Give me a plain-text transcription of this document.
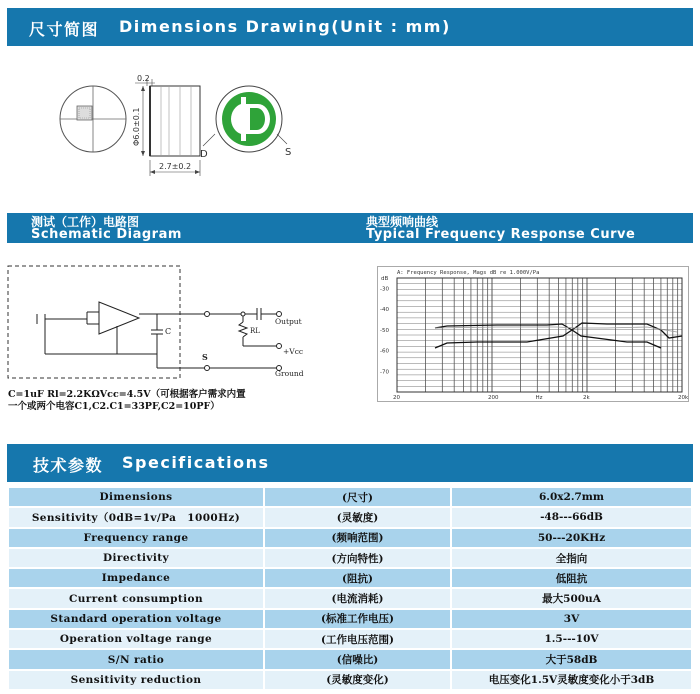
尺寸简图 Dimensions Drawing(Unit : mm)
0.2
Φ6.0±0.1
2.7±0.2
D	S
测试（工作）电路图
Schematic Diagram
典型频响曲线
Typical Frequency Response Curve
C	RL
Output
+Vcc
S
Ground
C=1uF Rl=2.2KΩVcc=4.5V（可根据客户需求内置
一个或两个电容C1,C2.C1=33PF,C2=10PF）
A: Frequency Response, Mags dB re 1.000V/Pa
dB
-30
-40
-50
-60
-70
20	200	Hz	2k	20k
技术参数 Specifications
Dimensions	(尺寸)	6.0x2.7mm
Sensitivity（0dB=1v/Pa　1000Hz)	(灵敏度)	-48---66dB
Frequency range	(频响范围)	50---20KHz
Directivity	(方向特性)	全指向
Impedance	(阻抗)	低阻抗
Current consumption	(电流消耗)	最大500uA
Standard operation voltage	(标准工作电压)	3V
Operation voltage range	(工作电压范围)	1.5---10V
S/N ratio	(信噪比)	大于58dB
Sensitivity reduction	(灵敏度变化)	电压变化1.5V灵敏度变化小于3dB
